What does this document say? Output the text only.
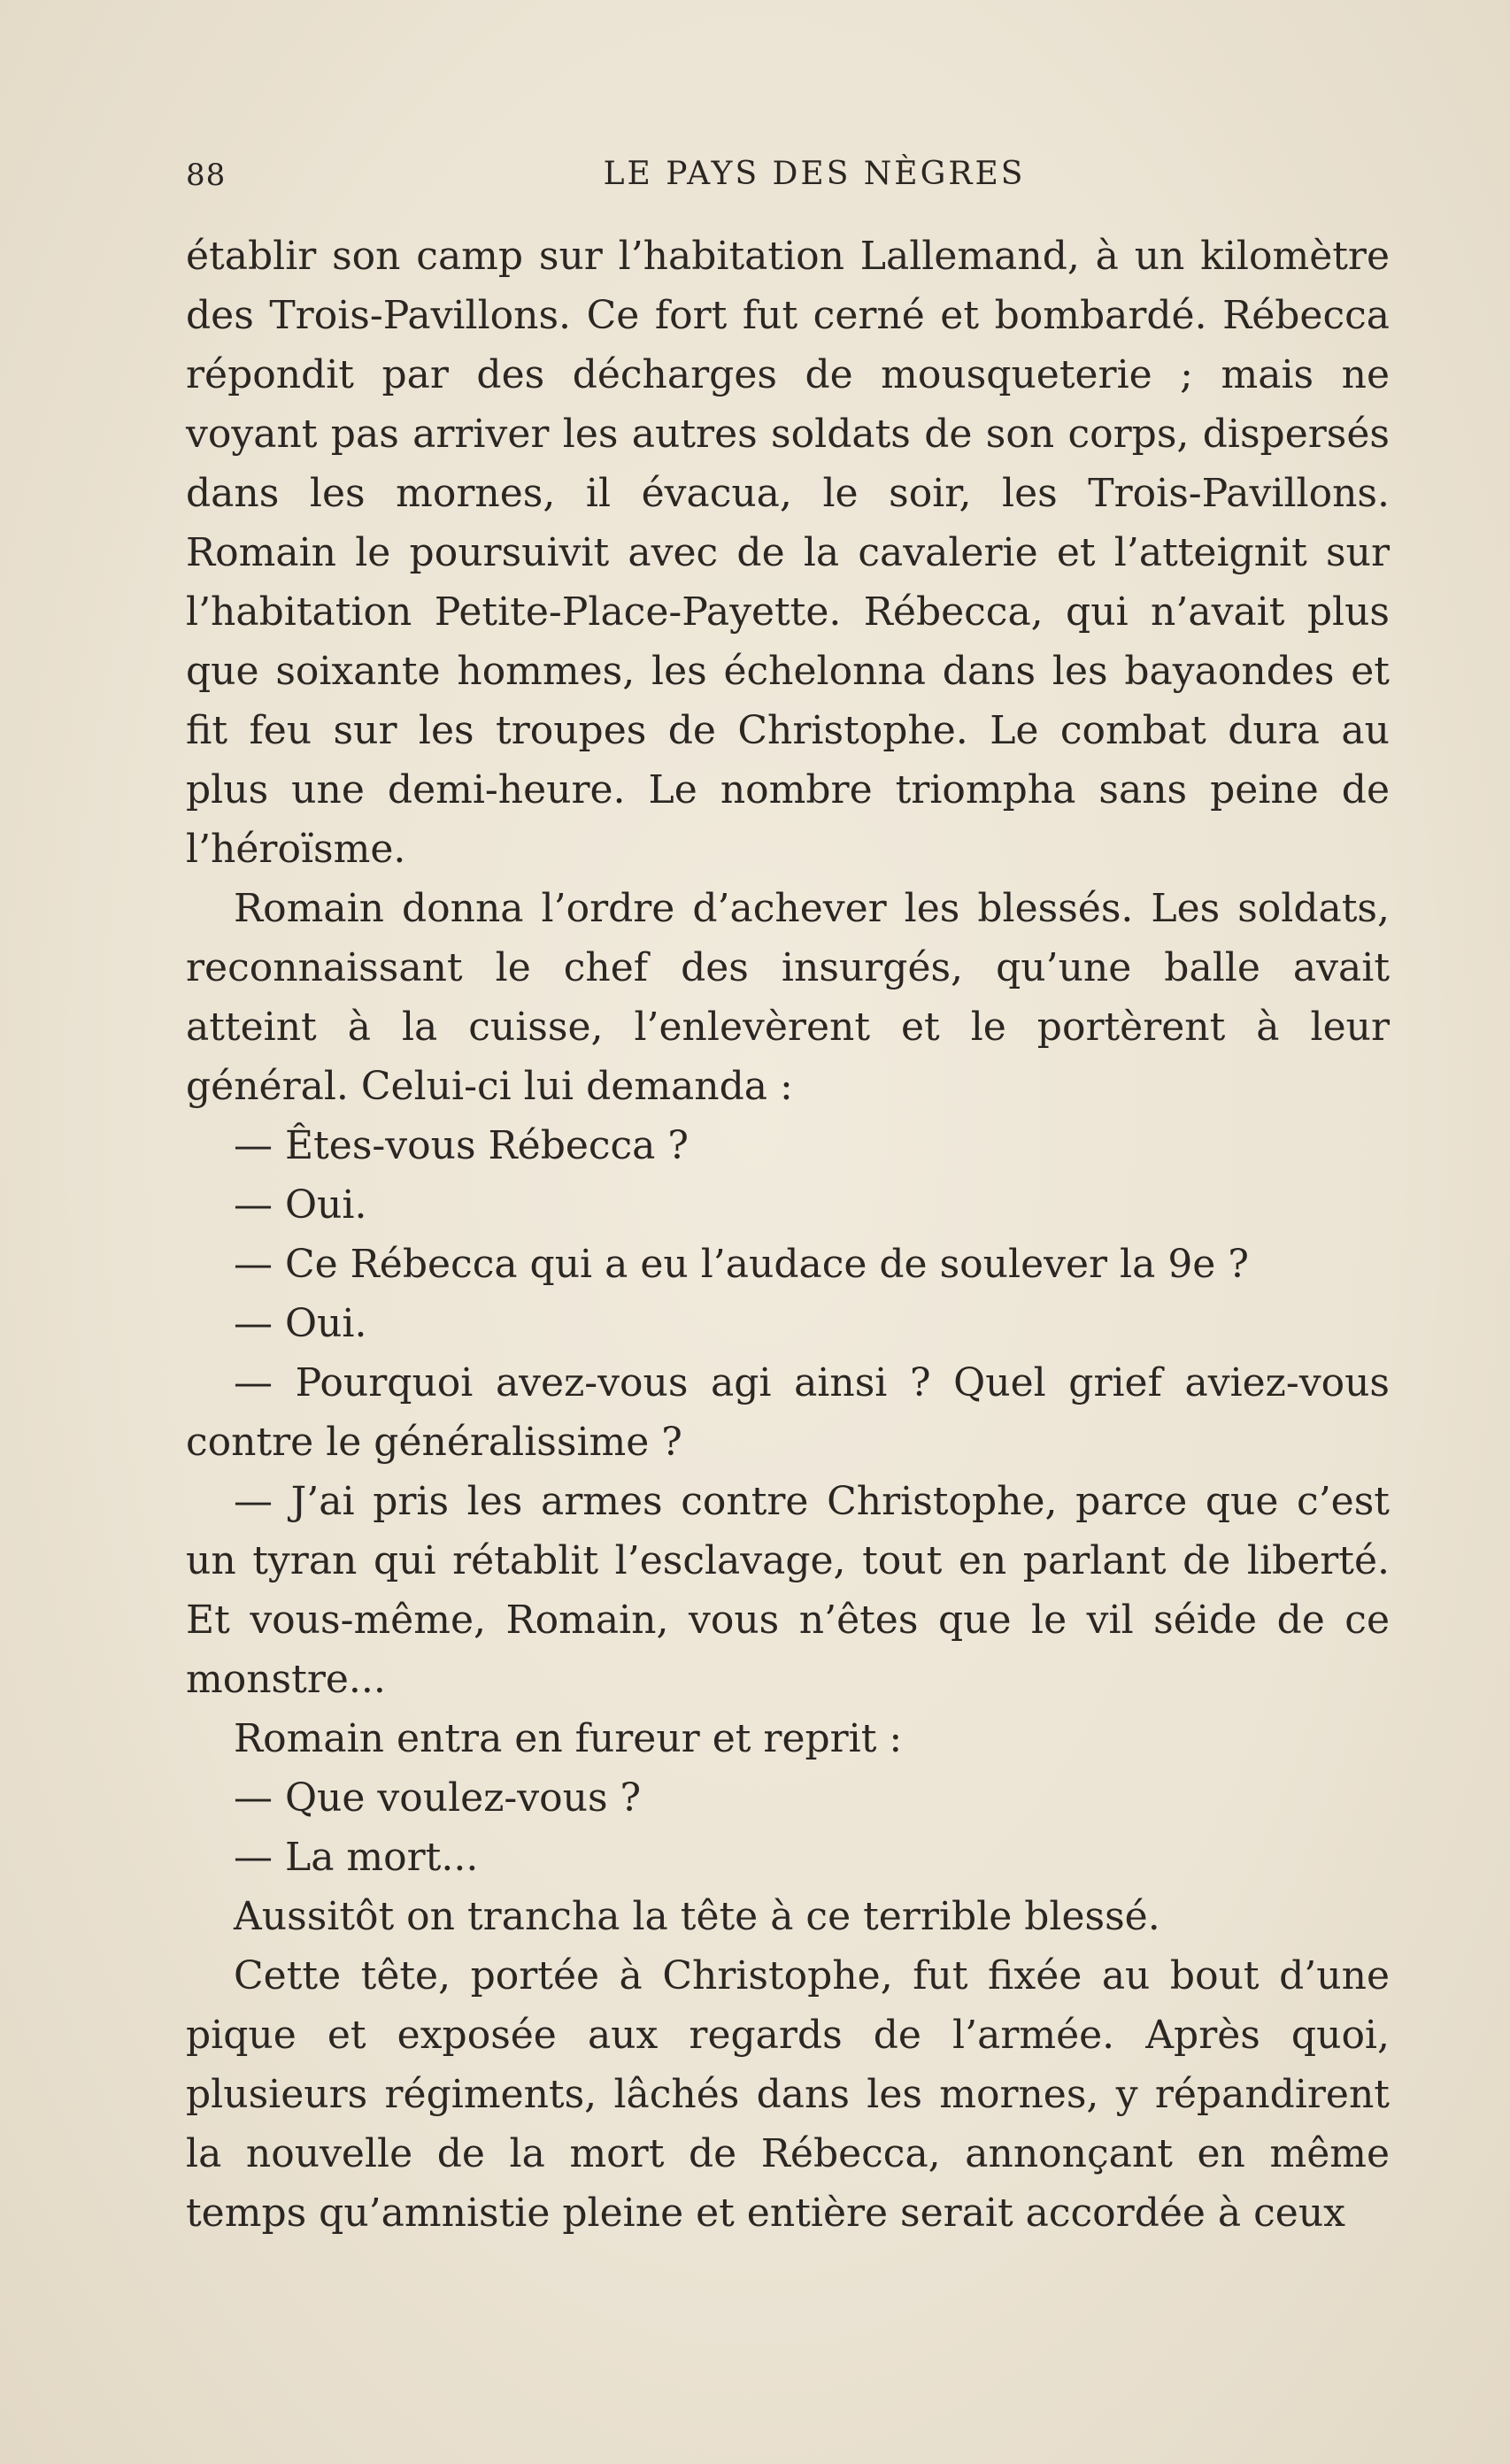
88	LE PAYS DES NÈGRES

établir son camp sur l’habitation Lallemand, à un kilomètre des Trois-Pavillons. Ce fort fut cerné et bombardé. Rébecca répondit par des décharges de mousqueterie ; mais ne voyant pas arriver les autres soldats de son corps, dispersés dans les mornes, il évacua, le soir, les Trois-Pavillons. Romain le poursuivit avec de la cavalerie et l’atteignit sur l’habitation Petite-Place-Payette. Rébecca, qui n’avait plus que soixante hommes, les échelonna dans les bayaondes et fit feu sur les troupes de Christophe. Le combat dura au plus une demi-heure. Le nombre triompha sans peine de l’héroïsme.

Romain donna l’ordre d’achever les blessés. Les soldats, reconnaissant le chef des insurgés, qu’une balle avait atteint à la cuisse, l’enlevèrent et le portèrent à leur général. Celui-ci lui demanda :

— Êtes-vous Rébecca ?

— Oui.

— Ce Rébecca qui a eu l’audace de soulever la 9e ?

— Oui.

— Pourquoi avez-vous agi ainsi ? Quel grief aviez-vous contre le généralissime ?

— J’ai pris les armes contre Christophe, parce que c’est un tyran qui rétablit l’esclavage, tout en parlant de liberté. Et vous-même, Romain, vous n’êtes que le vil séide de ce monstre...

Romain entra en fureur et reprit :

— Que voulez-vous ?

— La mort...

Aussitôt on trancha la tête à ce terrible blessé.

Cette tête, portée à Christophe, fut fixée au bout d’une pique et exposée aux regards de l’armée. Après quoi, plusieurs régiments, lâchés dans les mornes, y répandirent la nouvelle de la mort de Rébecca, annonçant en même temps qu’amnistie pleine et entière serait accordée à ceux
